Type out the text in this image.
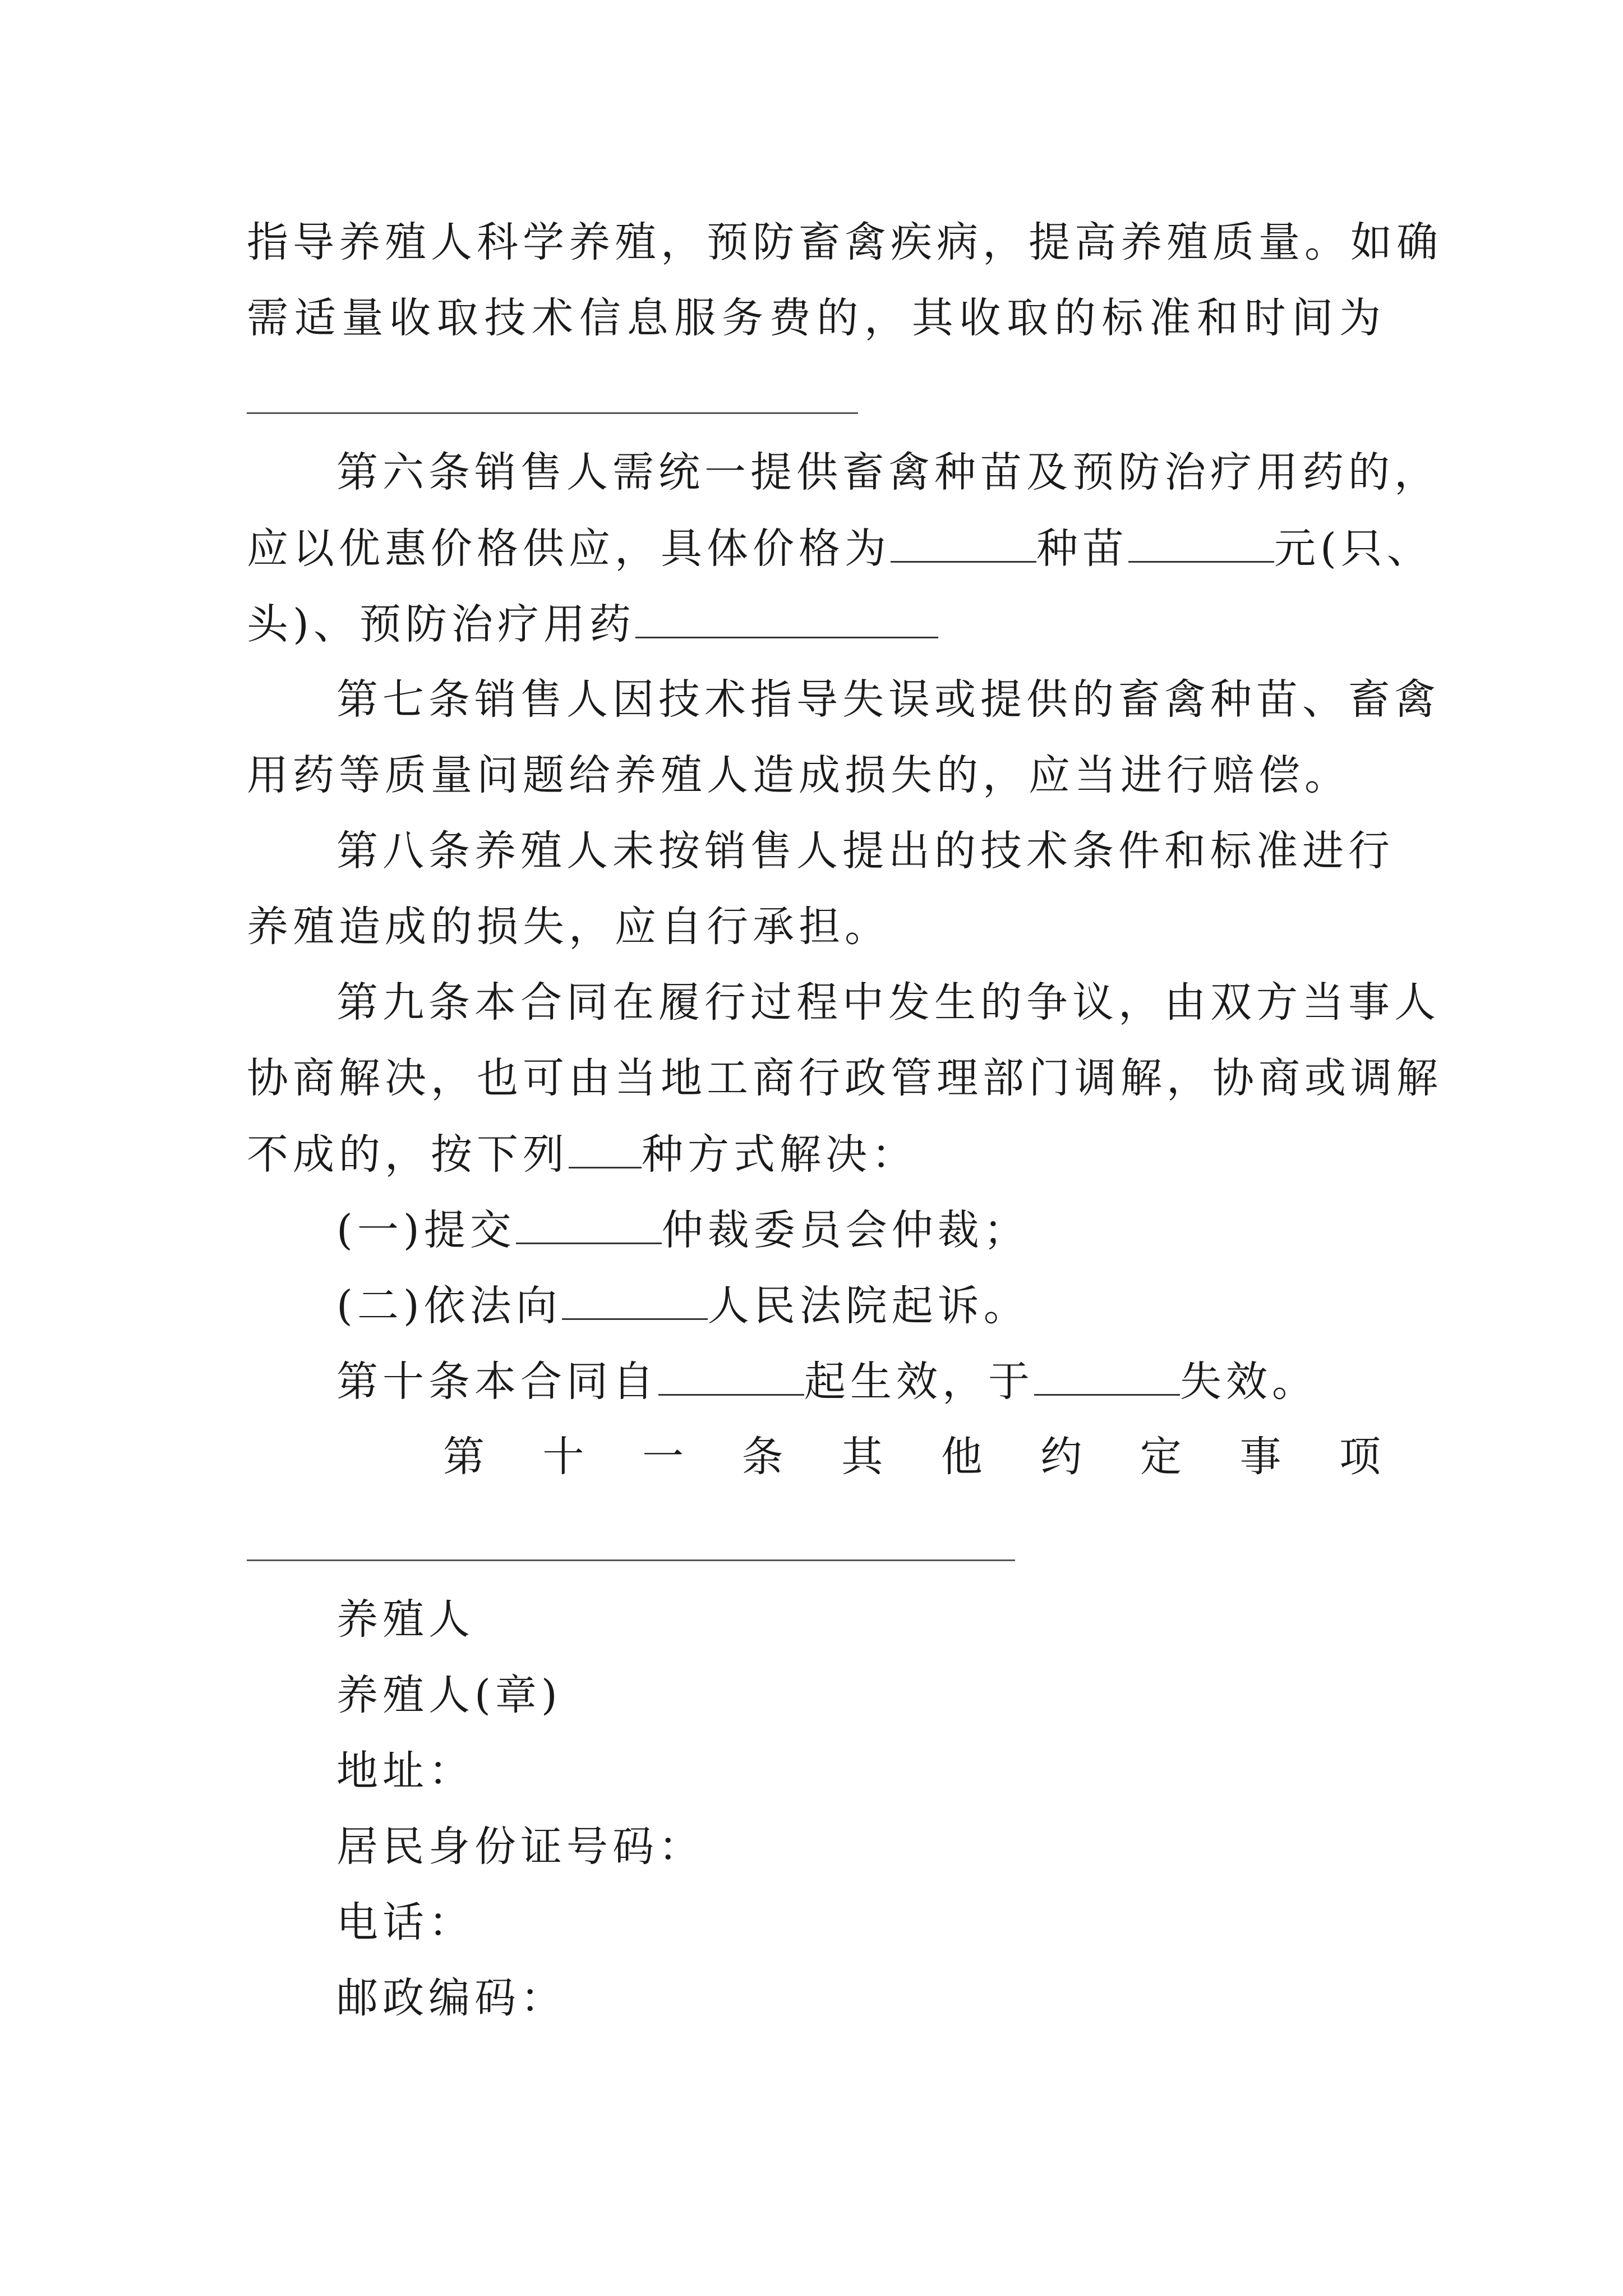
指导养殖人科学养殖，预防畜禽疾病，提高养殖质量。如确
需适量收取技术信息服务费的，其收取的标准和时间为
第六条销售人需统一提供畜禽种苗及预防治疗用药的，
应以优惠价格供应，具体价格为	种苗	元(只、
头)、预防治疗用药
第七条销售人因技术指导失误或提供的畜禽种苗、畜禽
用药等质量问题给养殖人造成损失的，应当进行赔偿。
第八条养殖人未按销售人提出的技术条件和标准进行
养殖造成的损失，应自行承担。
第九条本合同在履行过程中发生的争议，由双方当事人
协商解决，也可由当地工商行政管理部门调解，协商或调解
不成的，按下列 种方式解决：
(一)提交	仲裁委员会仲裁；
(二)依法向	人民法院起诉。
第十条本合同自	起生效，于	失效。
第十一条其他约定事项
养殖人
养殖人(章)
地址：
居民身份证号码：
电话：
邮政编码：
